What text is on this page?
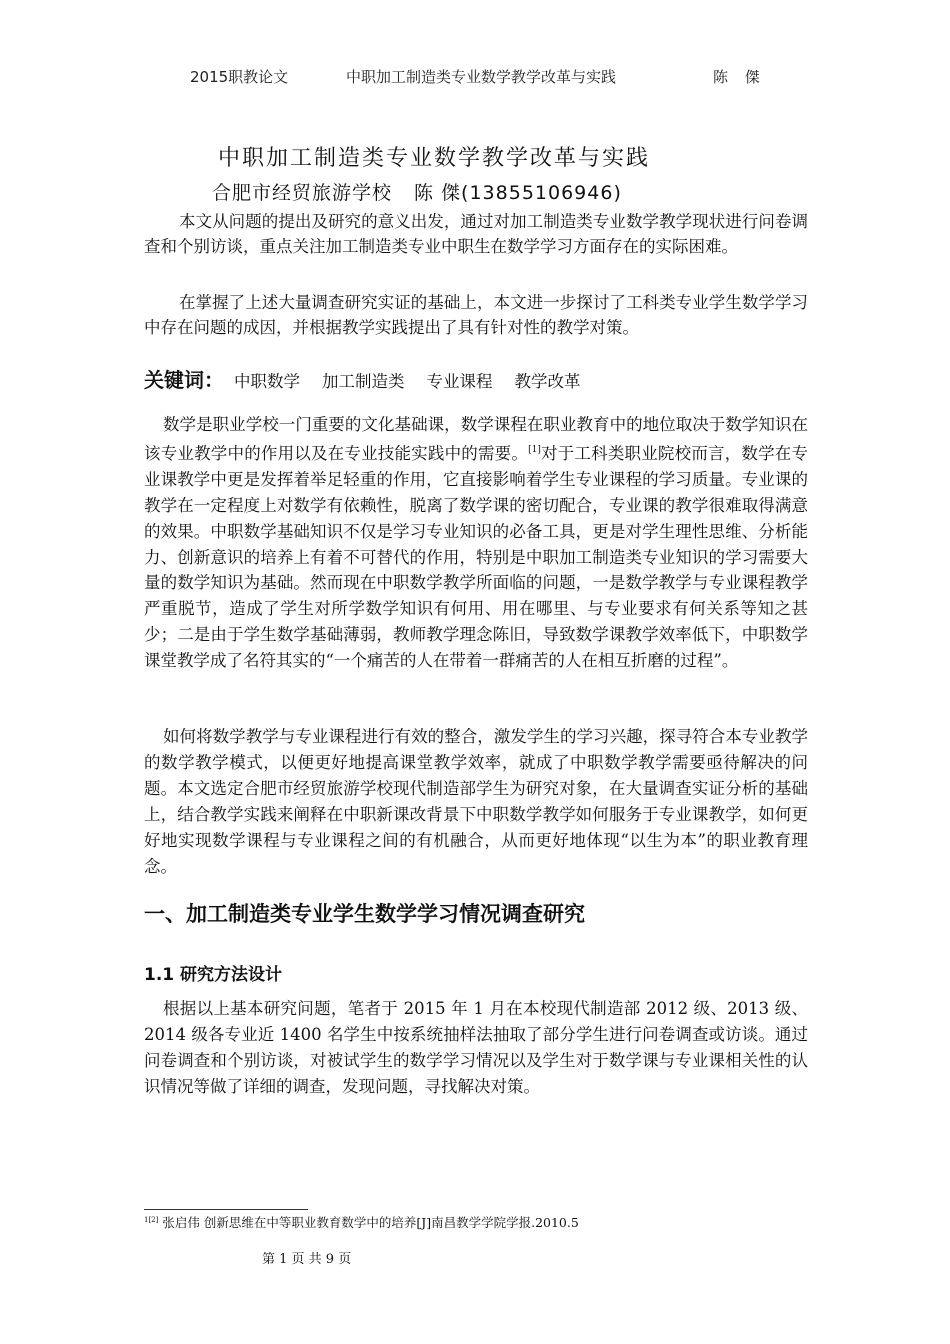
2015职教论文	中职加工制造类专业数学教学改革与实践	陈 傑
中职加工制造类专业数学教学改革与实践
合肥市经贸旅游学校 陈 傑(13855106946)

本文从问题的提出及研究的意义出发，通过对加工制造类专业数学教学现状进行问卷调查和个别访谈，重点关注加工制造类专业中职生在数学学习方面存在的实际困难。

在掌握了上述大量调查研究实证的基础上，本文进一步探讨了工科类专业学生数学学习中存在问题的成因，并根据教学实践提出了具有针对性的教学对策。

关键词： 中职数学 加工制造类 专业课程 教学改革

数学是职业学校一门重要的文化基础课，数学课程在职业教育中的地位取决于数学知识在该专业教学中的作用以及在专业技能实践中的需要。[1]对于工科类职业院校而言，数学在专业课教学中更是发挥着举足轻重的作用，它直接影响着学生专业课程的学习质量。专业课的教学在一定程度上对数学有依赖性，脱离了数学课的密切配合，专业课的教学很难取得满意的效果。中职数学基础知识不仅是学习专业知识的必备工具，更是对学生理性思维、分析能力、创新意识的培养上有着不可替代的作用，特别是中职加工制造类专业知识的学习需要大量的数学知识为基础。然而现在中职数学教学所面临的问题，一是数学教学与专业课程教学严重脱节，造成了学生对所学数学知识有何用、用在哪里、与专业要求有何关系等知之甚少；二是由于学生数学基础薄弱，教师教学理念陈旧，导致数学课教学效率低下，中职数学课堂教学成了名符其实的“一个痛苦的人在带着一群痛苦的人在相互折磨的过程”。

如何将数学教学与专业课程进行有效的整合，激发学生的学习兴趣，探寻符合本专业教学的数学教学模式，以便更好地提高课堂教学效率，就成了中职数学教学需要亟待解决的问题。本文选定合肥市经贸旅游学校现代制造部学生为研究对象，在大量调查实证分析的基础上，结合教学实践来阐释在中职新课改背景下中职数学教学如何服务于专业课教学，如何更好地实现数学课程与专业课程之间的有机融合，从而更好地体现“以生为本”的职业教育理念。

一、加工制造类专业学生数学学习情况调查研究
1.1 研究方法设计

根据以上基本研究问题，笔者于 2015 年 1 月在本校现代制造部 2012 级、2013 级、2014 级各专业近 1400 名学生中按系统抽样法抽取了部分学生进行问卷调查或访谈。通过问卷调查和个别访谈，对被试学生的数学学习情况以及学生对于数学课与专业课相关性的认识情况等做了详细的调查，发现问题，寻找解决对策。

$^{1[2]}$ 张启伟 创新思维在中等职业教育数学中的培养[J]南昌教学学院学报.2010.5
第 1 页 共 9 页
